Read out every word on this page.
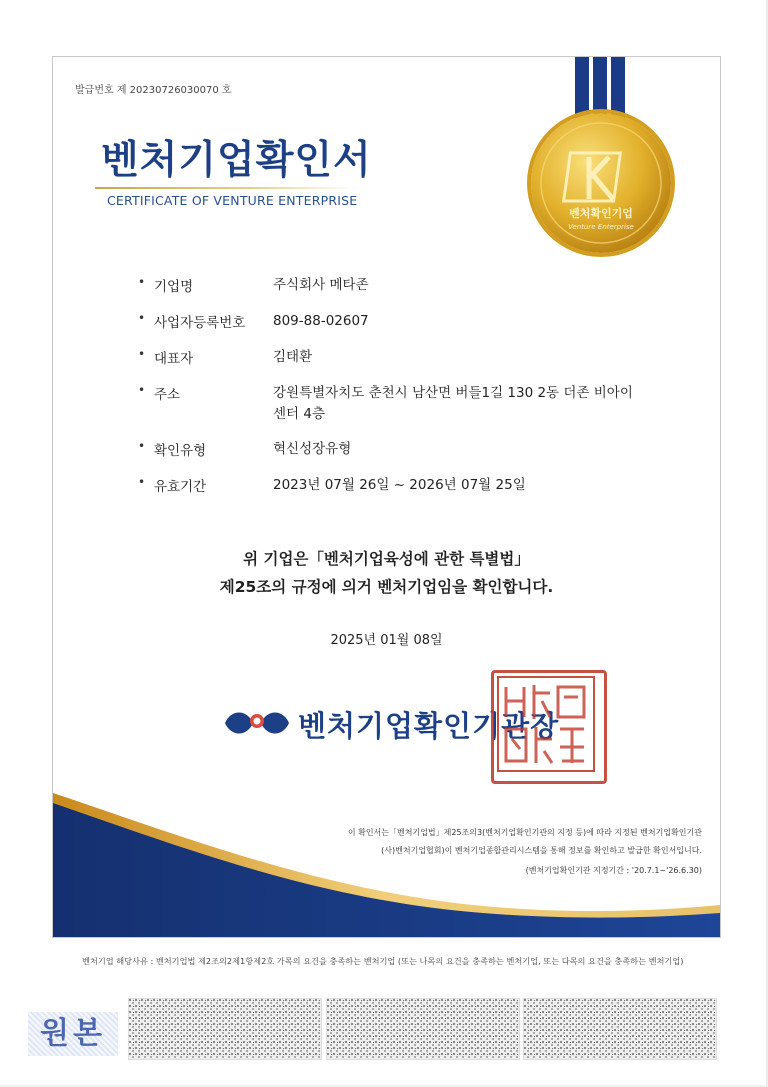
발급번호 제 20230726030070 호
벤처기업확인서
CERTIFICATE OF VENTURE ENTERPRISE
벤처확인기업
Venture Enterprise
• 기업명	주식회사 메타존
• 사업자등록번호 809-88-02607
• 대표자	김태환
• 주소	강원특별자치도 춘천시 남산면 버들1길 130 2동 더존 비아이센터 4층
• 확인유형	혁신성장유형
• 유효기간	2023년 07월 26일 ~ 2026년 07월 25일
위 기업은「벤처기업육성에 관한 특별법」
제25조의 규정에 의거 벤처기업임을 확인합니다.
2025년 01월 08일
벤처기업확인기관장
이 확인서는「벤처기업법」제25조의3(벤처기업확인기관의 지정 등)에 따라 지정된 벤처기업확인기관
(사)벤처기업협회)이 벤처기업종합관리시스템을 통해 정보를 확인하고 발급한 확인서입니다.
(벤처기업확인기관 지정기간 : '20.7.1~'26.6.30)
벤처기업 해당사유 : 벤처기업법 제2조의2제1항제2호 가목의 요건을 충족하는 벤처기업 (또는 나목의 요건을 충족하는 벤처기업, 또는 다목의 요건을 충족하는 벤처기업)
원본
